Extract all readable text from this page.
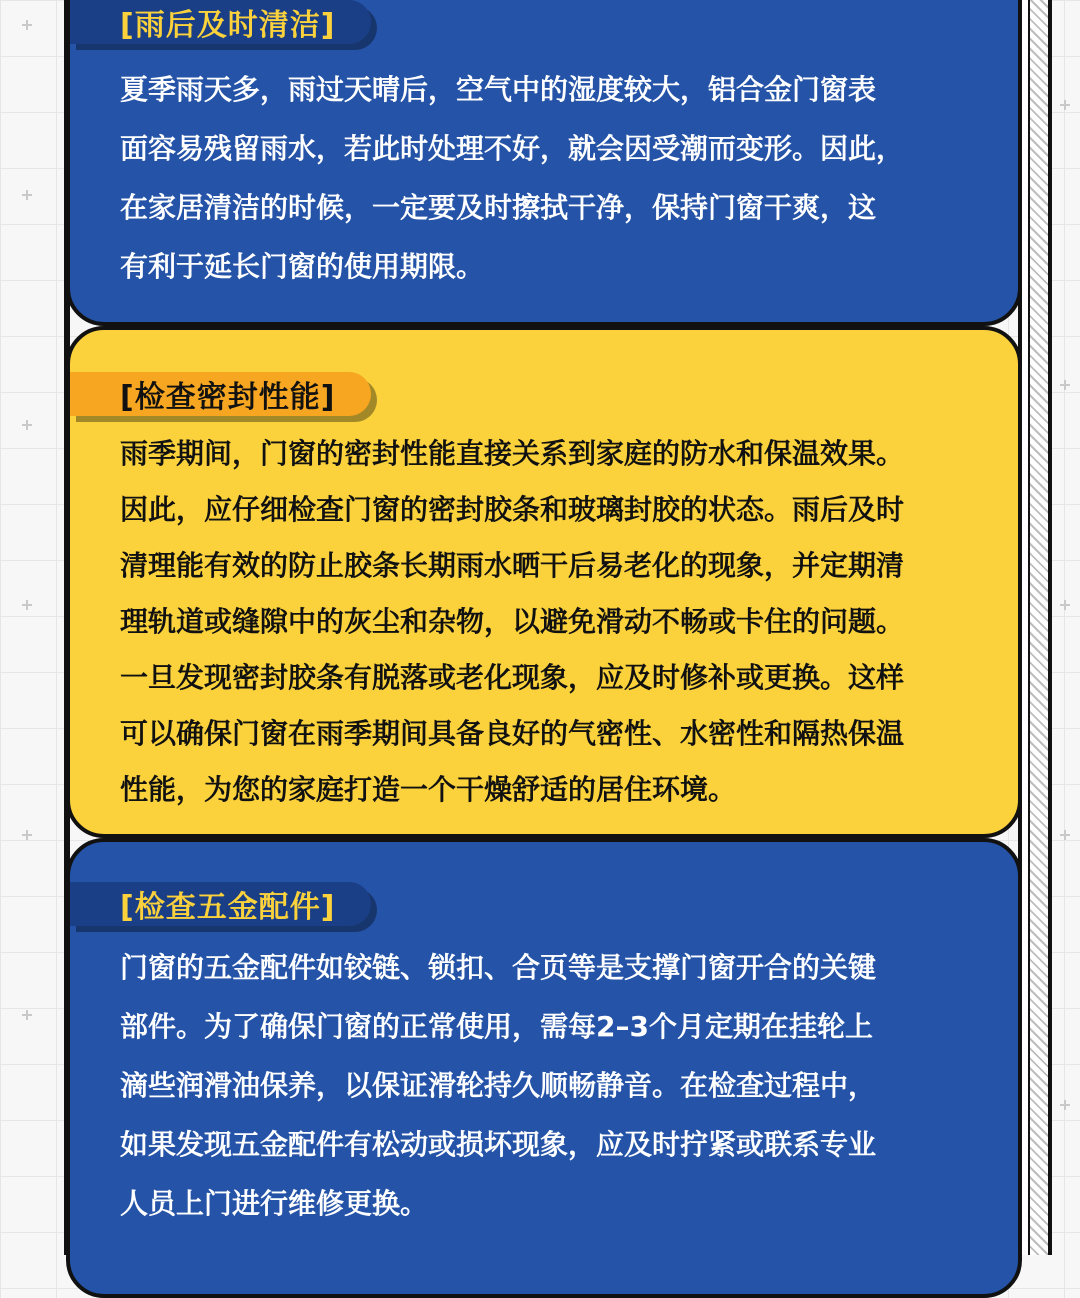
[雨后及时清洁]
夏季雨天多，雨过天晴后，空气中的湿度较大，铝合金门窗表
面容易残留雨水，若此时处理不好，就会因受潮而变形。因此，
在家居清洁的时候，一定要及时擦拭干净，保持门窗干爽，这
有利于延长门窗的使用期限。
[检查密封性能]
雨季期间，门窗的密封性能直接关系到家庭的防水和保温效果。
因此，应仔细检查门窗的密封胶条和玻璃封胶的状态。雨后及时
清理能有效的防止胶条长期雨水晒干后易老化的现象，并定期清
理轨道或缝隙中的灰尘和杂物，以避免滑动不畅或卡住的问题。
一旦发现密封胶条有脱落或老化现象，应及时修补或更换。这样
可以确保门窗在雨季期间具备良好的气密性、水密性和隔热保温
性能，为您的家庭打造一个干燥舒适的居住环境。
[检查五金配件]
门窗的五金配件如铰链、锁扣、合页等是支撑门窗开合的关键
部件。为了确保门窗的正常使用，需每2–3个月定期在挂轮上
滴些润滑油保养，以保证滑轮持久顺畅静音。在检查过程中，
如果发现五金配件有松动或损坏现象，应及时拧紧或联系专业
人员上门进行维修更换。
